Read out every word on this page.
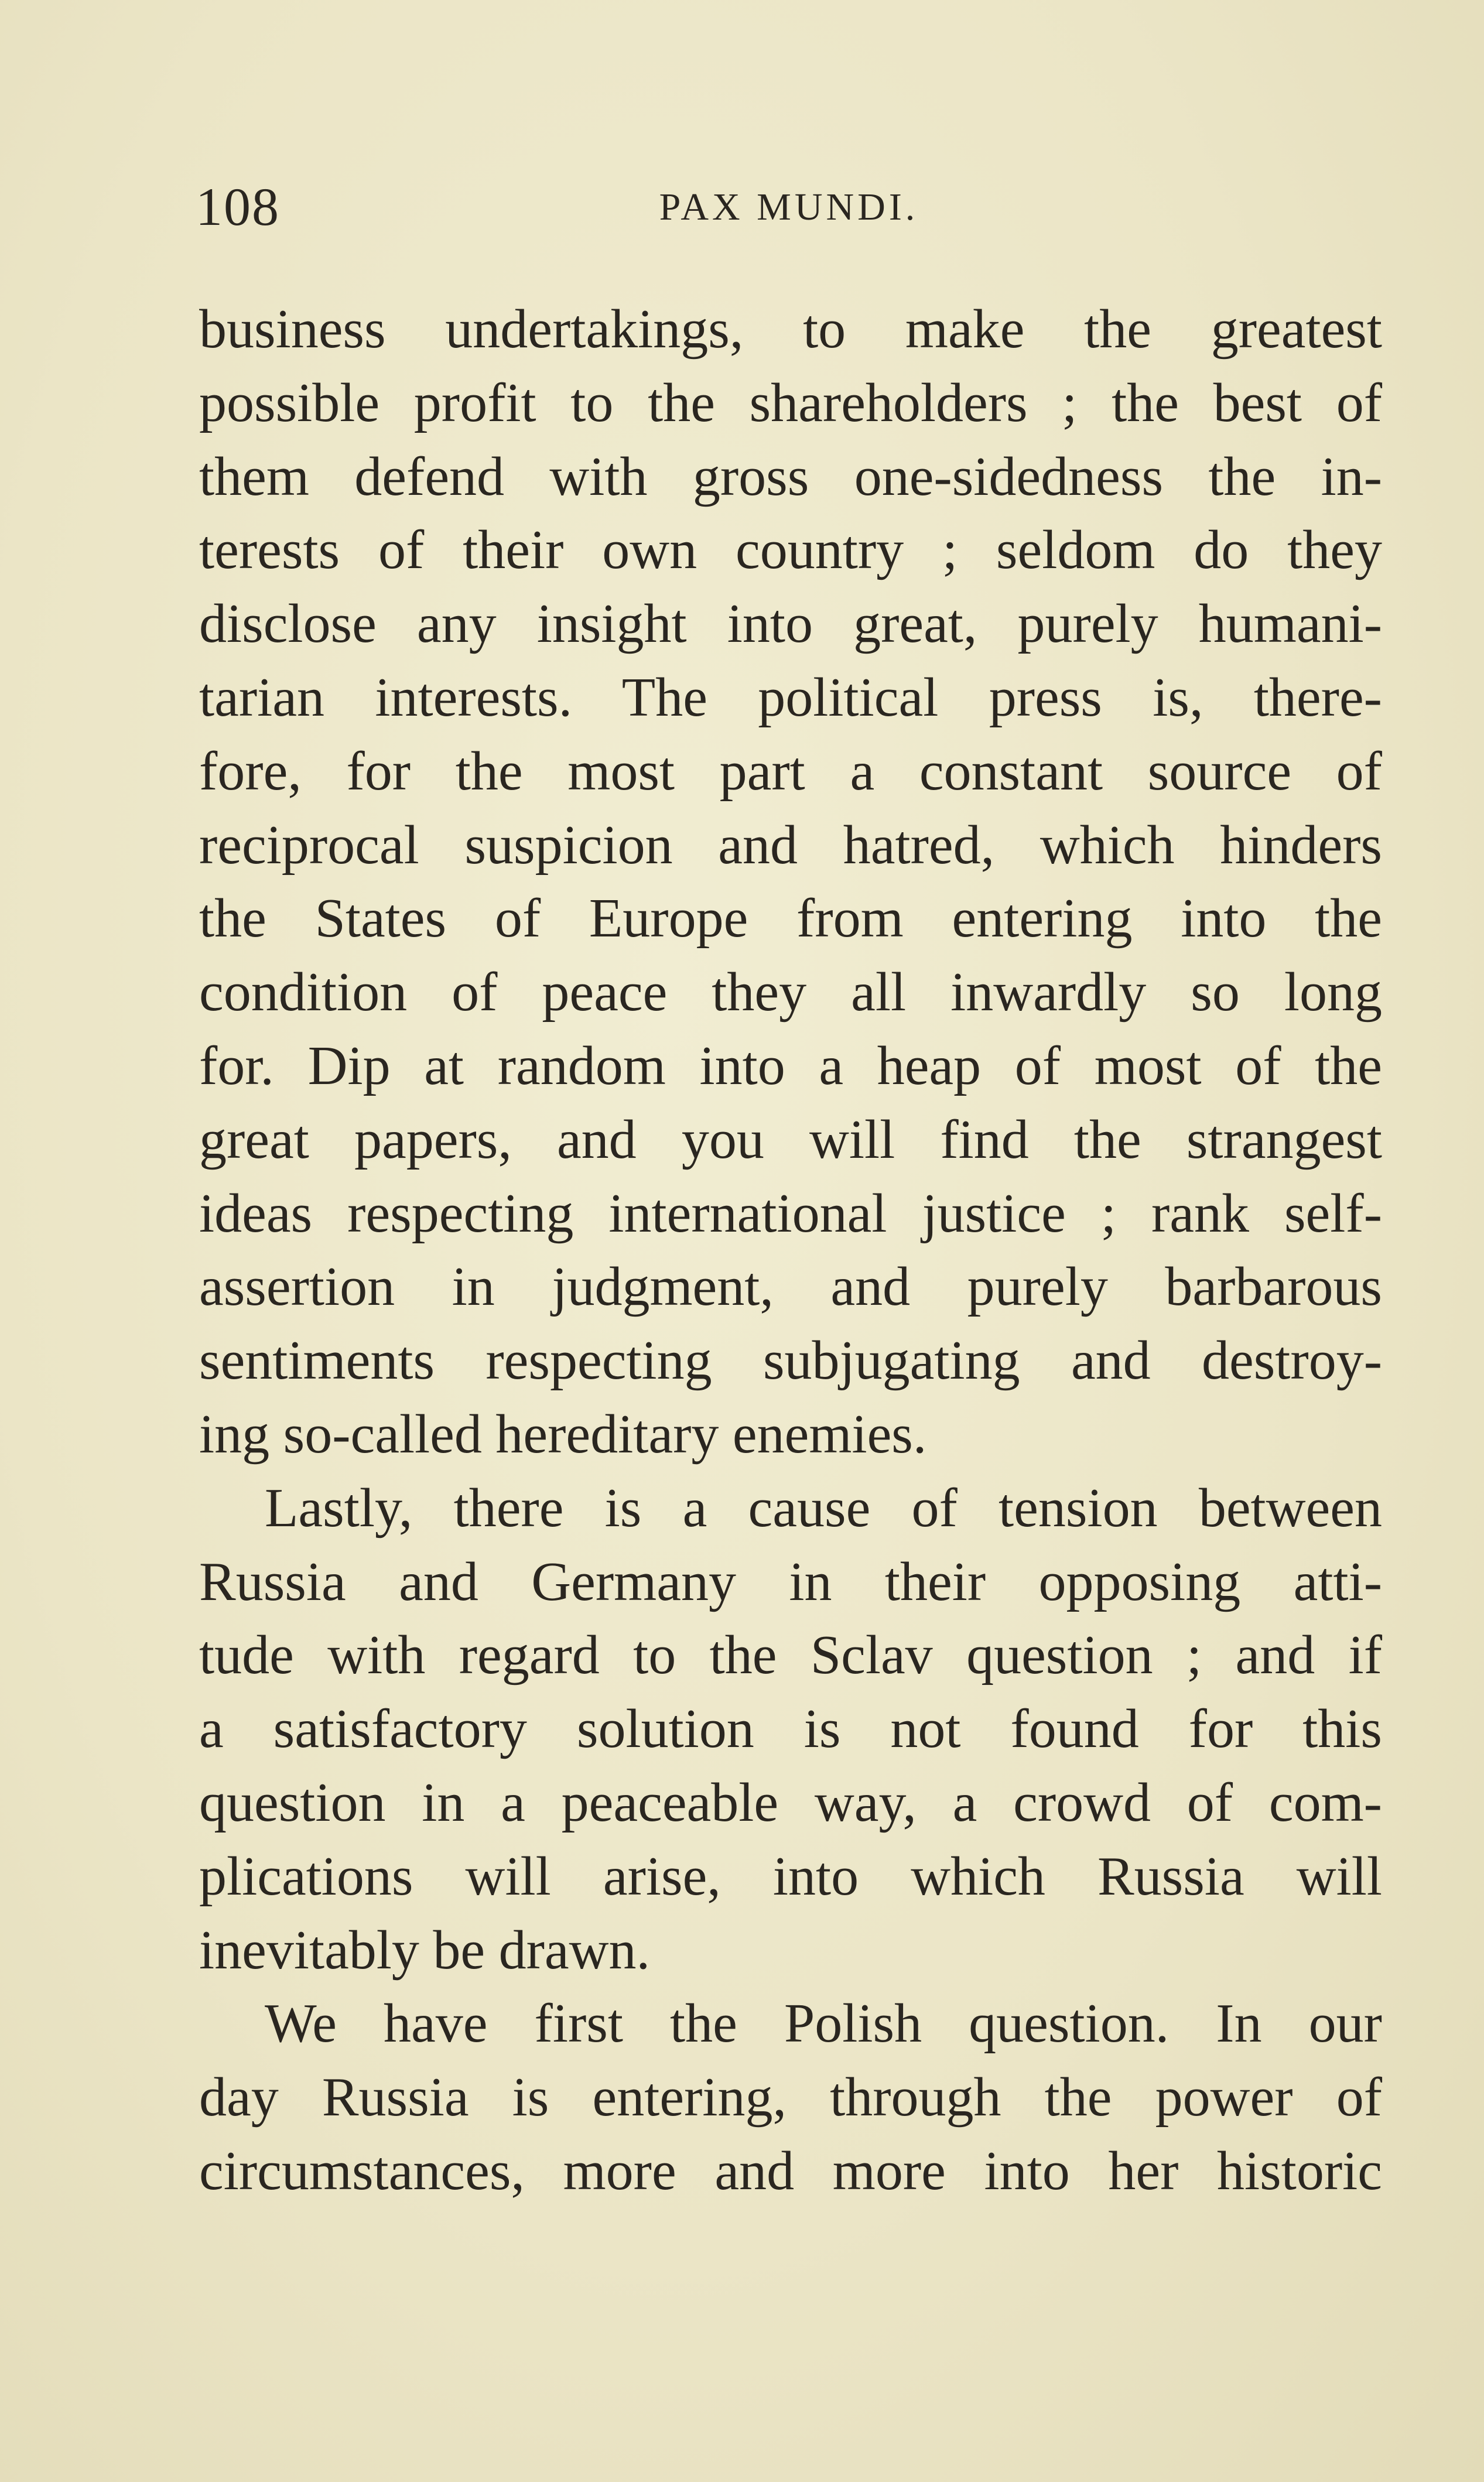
108	PAX MUNDI.
business undertakings, to make the greatest
possible profit to the shareholders ; the best of
them defend with gross one-sidedness the in-
terests of their own country ; seldom do they
disclose any insight into great, purely humani-
tarian interests. The political press is, there-
fore, for the most part a constant source of
reciprocal suspicion and hatred, which hinders
the States of Europe from entering into the
condition of peace they all inwardly so long
for. Dip at random into a heap of most of the
great papers, and you will find the strangest
ideas respecting international justice ; rank self-
assertion in judgment, and purely barbarous
sentiments respecting subjugating and destroy-
ing so-called hereditary enemies.
Lastly, there is a cause of tension between
Russia and Germany in their opposing atti-
tude with regard to the Sclav question ; and if
a satisfactory solution is not found for this
question in a peaceable way, a crowd of com-
plications will arise, into which Russia will
inevitably be drawn.
We have first the Polish question. In our
day Russia is entering, through the power of
circumstances, more and more into her historic
